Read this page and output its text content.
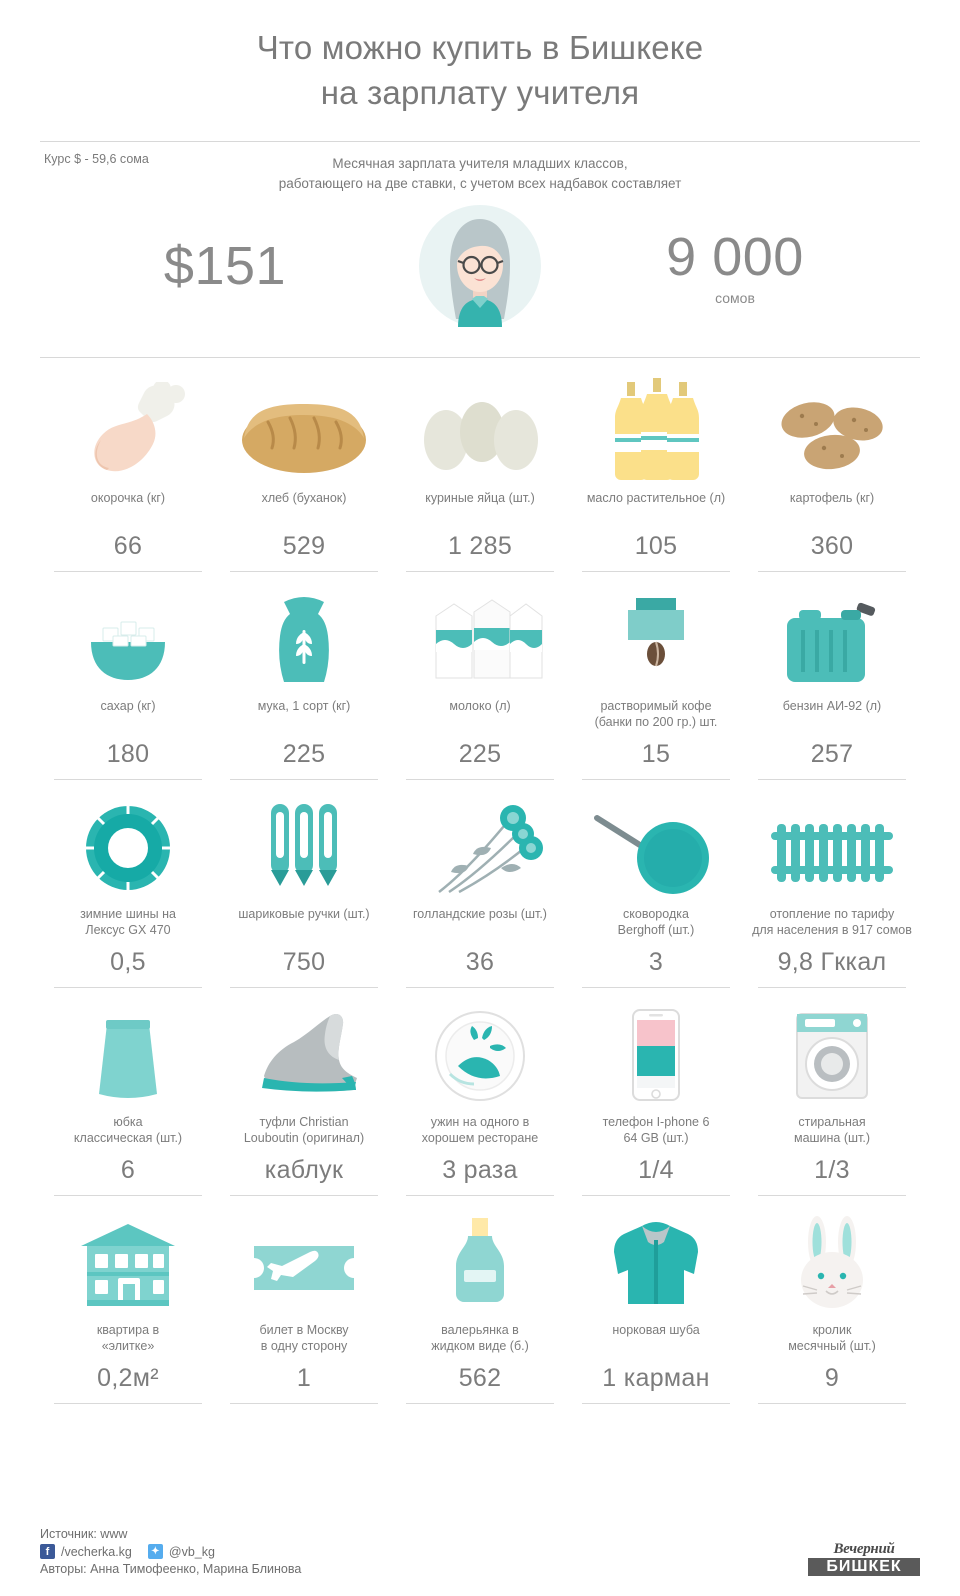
Что можно купить в Бишкеке
на зарплату учителя
Курс $ - 59,6 сома	Месячная зарплата учителя младших классов,
работающего на две ставки, с учетом всех надбавок составляет
$151	9 000
сомов
окорочка (кг)
66
хлеб (буханок)
529
куриные яйца (шт.)
1 285
масло растительное (л)
105
картофель (кг)
360
сахар (кг)
180
мука, 1 сорт (кг)
225
молоко (л)
225
растворимый кофе
(банки по 200 гр.) шт.
15
бензин АИ-92 (л)
257
зимние шины на
Лексус GX 470
0,5
шариковые ручки (шт.)
750
голландские розы (шт.)
36
сковородка
Berghoff (шт.)
3
отопление по тарифу
для населения в 917 сомов
9,8 Гккал
юбка
классическая (шт.)
6
туфли Christian
Louboutin (оригинал)
каблук
ужин на одного в
хорошем ресторане
3 раза
телефон I-phone 6
64 GB (шт.)
1/4
стиральная
машина (шт.)
1/3
квартира в
«элитке»
0,2м²
билет в Москву
в одну сторону
1
валерьянка в
жидком виде (б.)
562
норковая шуба
1 карман
кролик
месячный (шт.)
9
Источник: www
f /vecherka.kg	✦ @vb_kg
Авторы: Анна Тимофеенко, Марина Блинова
Вечерний
БИШКЕК
